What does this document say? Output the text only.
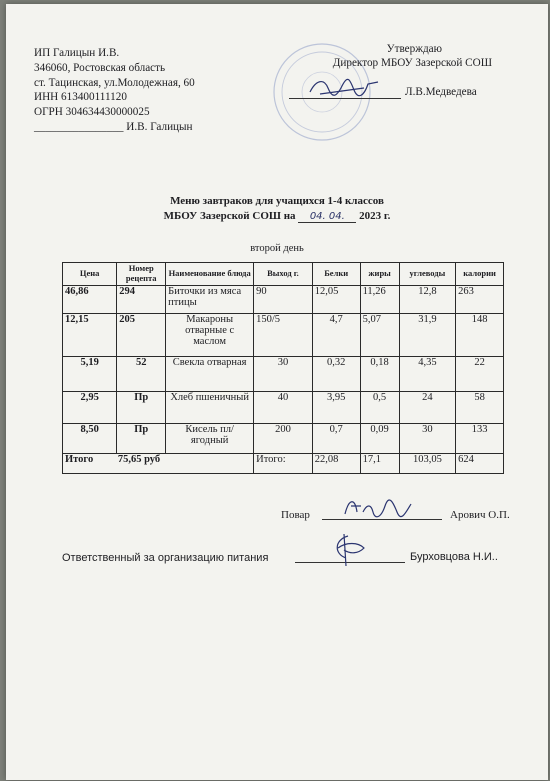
ИП Галицын И.В.
346060, Ростовская область
ст. Тацинская, ул.Молодежная, 60
ИНН 613400111120
ОГРН 304634430000025
________________ И.В. Галицын
Утверждаю
Директор МБОУ Зазерской СОШ
Л.В.Медведева
Меню завтраков для учащихся 1-4 классов
МБОУ Зазерской СОШ на 04. 04. 2023 г.
второй день
Цена	Номер рецепта	Наименование блюда	Выход г.	Белки	жиры	углеводы	калории
46,86	294	Биточки из мяса птицы	90	12,05	11,26	12,8	263
12,15	205	Макароны отварные с маслом	150/5	4,7	5,07	31,9	148
5,19	52	Свекла отварная	30	0,32	0,18	4,35	22
2,95	Пр	Хлеб пшеничный	40	3,95	0,5	24	58
8,50	Пр	Кисель пл/ягодный	200	0,7	0,09	30	133
Итого 75,65 руб			Итого:	22,08	17,1	103,05	624
Повар	Арович О.П.
Ответственный за организацию питания	Бурховцова Н.И..
